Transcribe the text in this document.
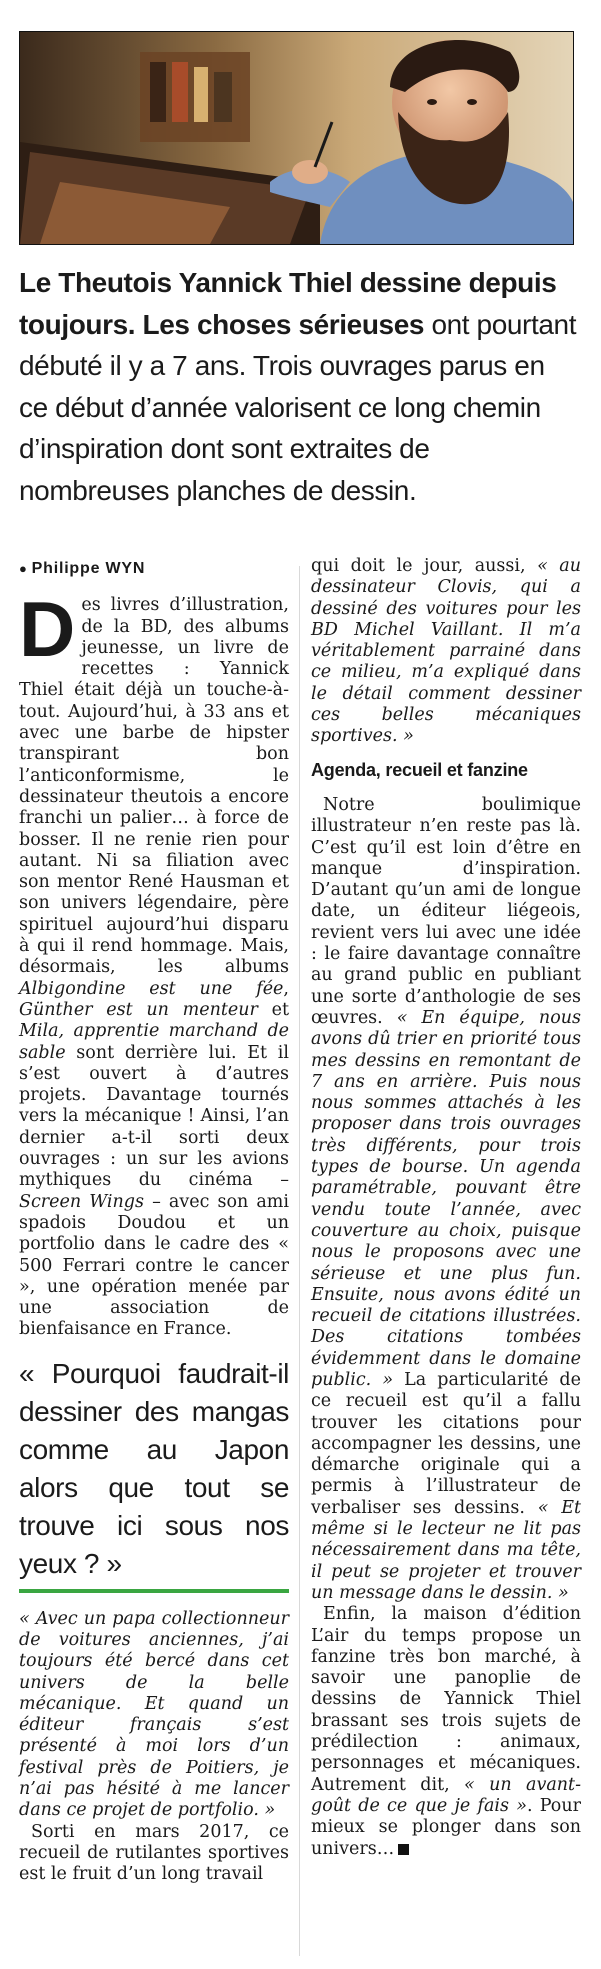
Le Theutois Yannick Thiel dessine depuis toujours. Les choses sérieuses ont pourtant débuté il y a 7 ans. Trois ouvrages parus en ce début d’année valorisent ce long chemin d’inspiration dont sont extraites de nombreuses planches de dessin.
● Philippe WYN

Des livres d’illustration, de la BD, des albums jeunesse, un livre de recettes : Yannick Thiel était déjà un touche-à-tout. Aujourd’hui, à 33 ans et avec une barbe de hipster transpirant bon l’anticonformisme, le dessinateur theutois a encore franchi un palier… à force de bosser. Il ne renie rien pour autant. Ni sa filiation avec son mentor René Hausman et son univers légendaire, père spirituel aujourd’hui disparu à qui il rend hommage. Mais, désormais, les albums Albigondine est une fée, Günther est un menteur et Mila, apprentie marchand de sable sont derrière lui. Et il s’est ouvert à d’autres projets. Davantage tournés vers la mécanique ! Ainsi, l’an dernier a-t-il sorti deux ouvrages : un sur les avions mythiques du cinéma – Screen Wings – avec son ami spadois Doudou et un portfolio dans le cadre des « 500 Ferrari contre le cancer », une opération menée par une association de bienfaisance en France.

« Pourquoi faudrait-il dessiner des mangas comme au Japon alors que tout se trouve ici sous nos yeux ? »

« Avec un papa collectionneur de voitures anciennes, j’ai toujours été bercé dans cet univers de la belle mécanique. Et quand un éditeur français s’est présenté à moi lors d’un festival près de Poitiers, je n’ai pas hésité à me lancer dans ce projet de portfolio. »

Sorti en mars 2017, ce recueil de rutilantes sportives est le fruit d’un long travail

qui doit le jour, aussi, « au dessinateur Clovis, qui a dessiné des voitures pour les BD Michel Vaillant. Il m’a véritablement parrainé dans ce milieu, m’a expliqué dans le détail comment dessiner ces belles mécaniques sportives. »

Agenda, recueil et fanzine

Notre boulimique illustrateur n’en reste pas là. C’est qu’il est loin d’être en manque d’inspiration. D’autant qu’un ami de longue date, un éditeur liégeois, revient vers lui avec une idée : le faire davantage connaître au grand public en publiant une sorte d’anthologie de ses œuvres. « En équipe, nous avons dû trier en priorité tous mes dessins en remontant de 7 ans en arrière. Puis nous nous sommes attachés à les proposer dans trois ouvrages très différents, pour trois types de bourse. Un agenda paramétrable, pouvant être vendu toute l’année, avec couverture au choix, puisque nous le proposons avec une sérieuse et une plus fun. Ensuite, nous avons édité un recueil de citations illustrées. Des citations tombées évidemment dans le domaine public. » La particularité de ce recueil est qu’il a fallu trouver les citations pour accompagner les dessins, une démarche originale qui a permis à l’illustrateur de verbaliser ses dessins. « Et même si le lecteur ne lit pas nécessairement dans ma tête, il peut se projeter et trouver un message dans le dessin. »

Enfin, la maison d’édition L’air du temps propose un fanzine très bon marché, à savoir une panoplie de dessins de Yannick Thiel brassant ses trois sujets de prédilection : animaux, personnages et mécaniques. Autrement dit, « un avant-goût de ce que je fais ». Pour mieux se plonger dans son univers…
